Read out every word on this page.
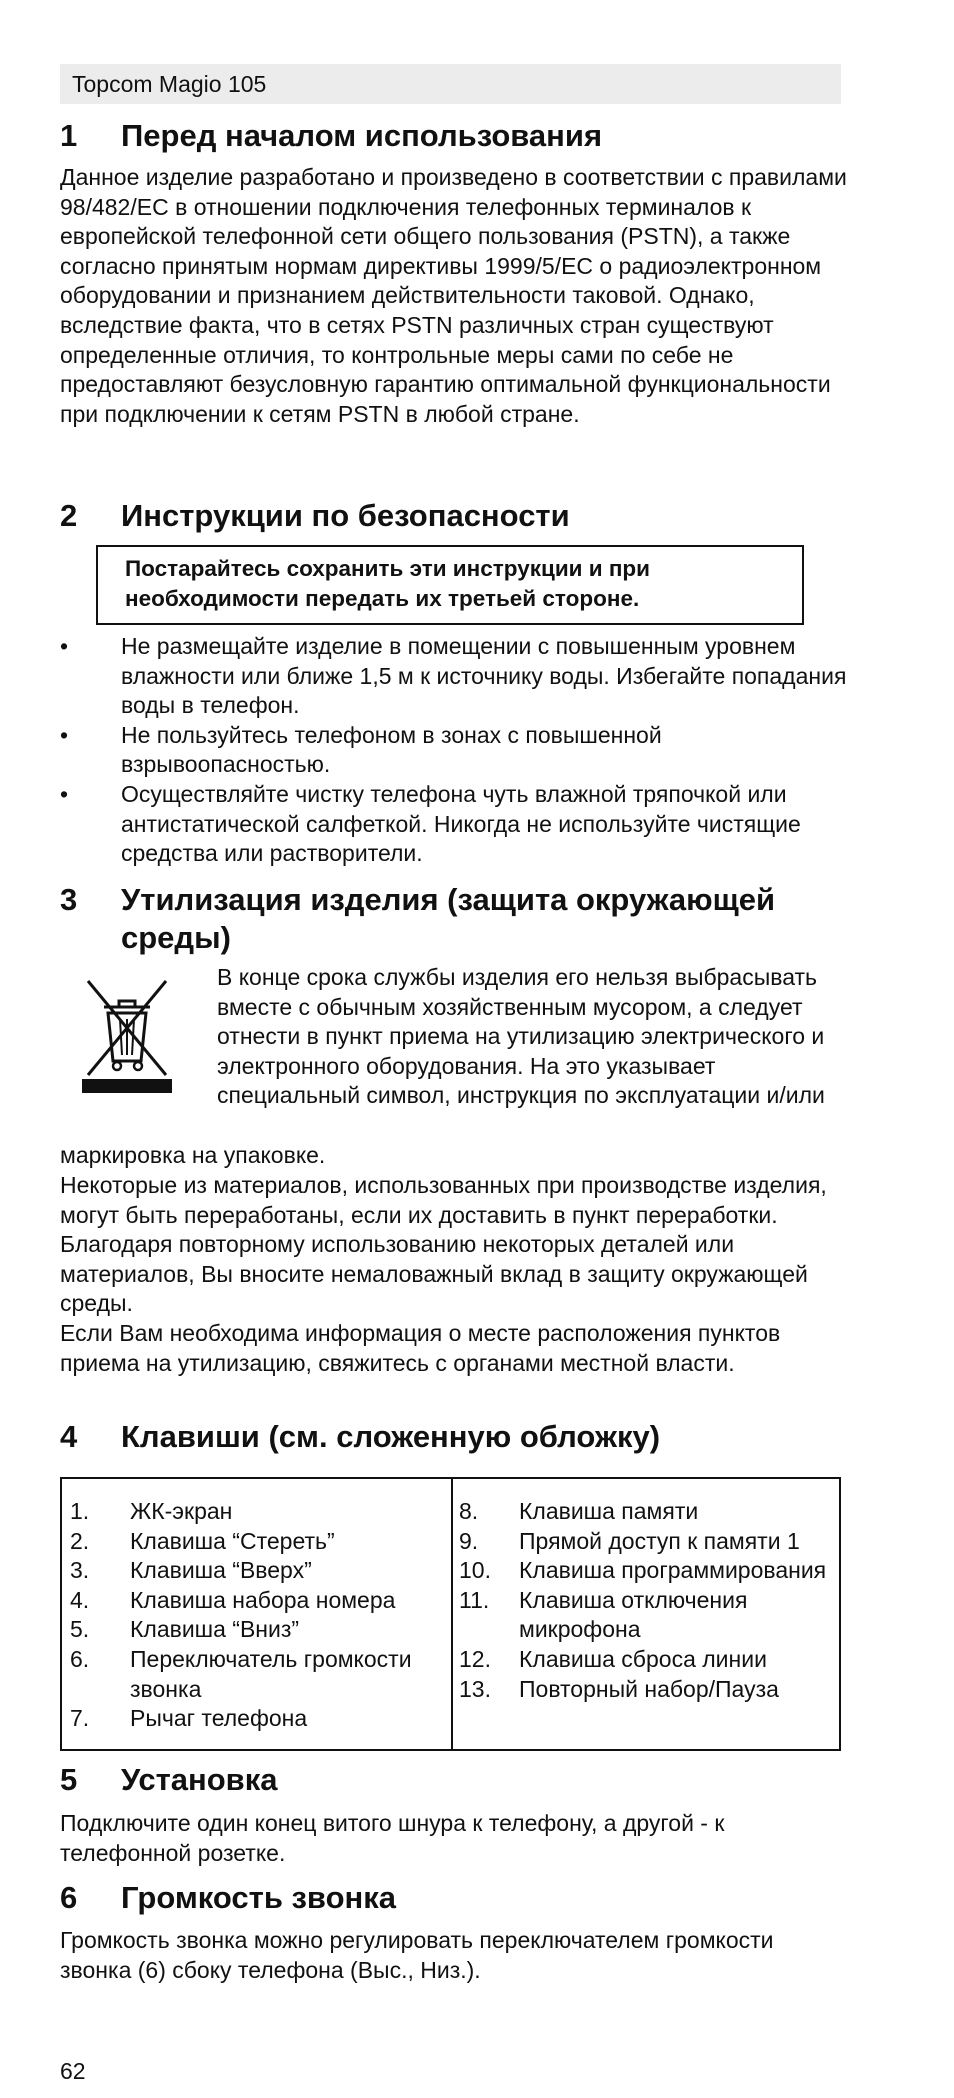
Topcom Magio 105
1 Перед началом использования

Данное изделие разработано и произведено в соответствии с правилами 98/482/EC в отношении подключения телефонных терминалов к европейской телефонной сети общего пользования (PSTN), а также согласно принятым нормам директивы 1999/5/EC о радиоэлектронном оборудовании и признанием действительности таковой. Однако, вследствие факта, что в сетях PSTN различных стран существуют определенные отличия, то контрольные меры сами по себе не предоставляют безусловную гарантию оптимальной функциональности при подключении к сетям PSTN в любой стране.

2 Инструкции по безопасности
Постарайтесь сохранить эти инструкции и при необходимости передать их третьей стороне.
• Не размещайте изделие в помещении с повышенным уровнем влажности или ближе 1,5 м к источнику воды. Избегайте попадания воды в телефон.
• Не пользуйтесь телефоном в зонах с повышенной взрывоопасностью.
• Осуществляйте чистку телефона чуть влажной тряпочкой или антистатической салфеткой. Никогда не используйте чистящие средства или растворители.
3 Утилизация изделия (защита окружающей
среды)

В конце срока службы изделия его нельзя выбрасывать вместе с обычным хозяйственным мусором, а следует отнести в пункт приема на утилизацию электрического и электронного оборудования. На это указывает специальный символ, инструкция по эксплуатации и/или

маркировка на упаковке.

Некоторые из материалов, использованных при производстве изделия, могут быть переработаны, если их доставить в пункт переработки. Благодаря повторному использованию некоторых деталей или материалов, Вы вносите немаловажный вклад в защиту окружающей среды.

Если Вам необходима информация о месте расположения пунктов приема на утилизацию, свяжитесь с органами местной власти.

4 Клавиши (см. сложенную обложку)
1. ЖК-экран
2. Клавиша “Стереть”
3. Клавиша “Вверх”
4. Клавиша набора номера
5. Клавиша “Вниз”
6. Переключатель громкости звонка
7. Рычаг телефона
8. Клавиша памяти
9. Прямой доступ к памяти 1
10. Клавиша программирования
11. Клавиша отключения микрофона
12. Клавиша сброса линии
13. Повторный набор/Пауза
5 Установка

Подключите один конец витого шнура к телефону, а другой - к телефонной розетке.

6 Громкость звонка

Громкость звонка можно регулировать переключателем громкости звонка (6) сбоку телефона (Выс., Низ.).

62
